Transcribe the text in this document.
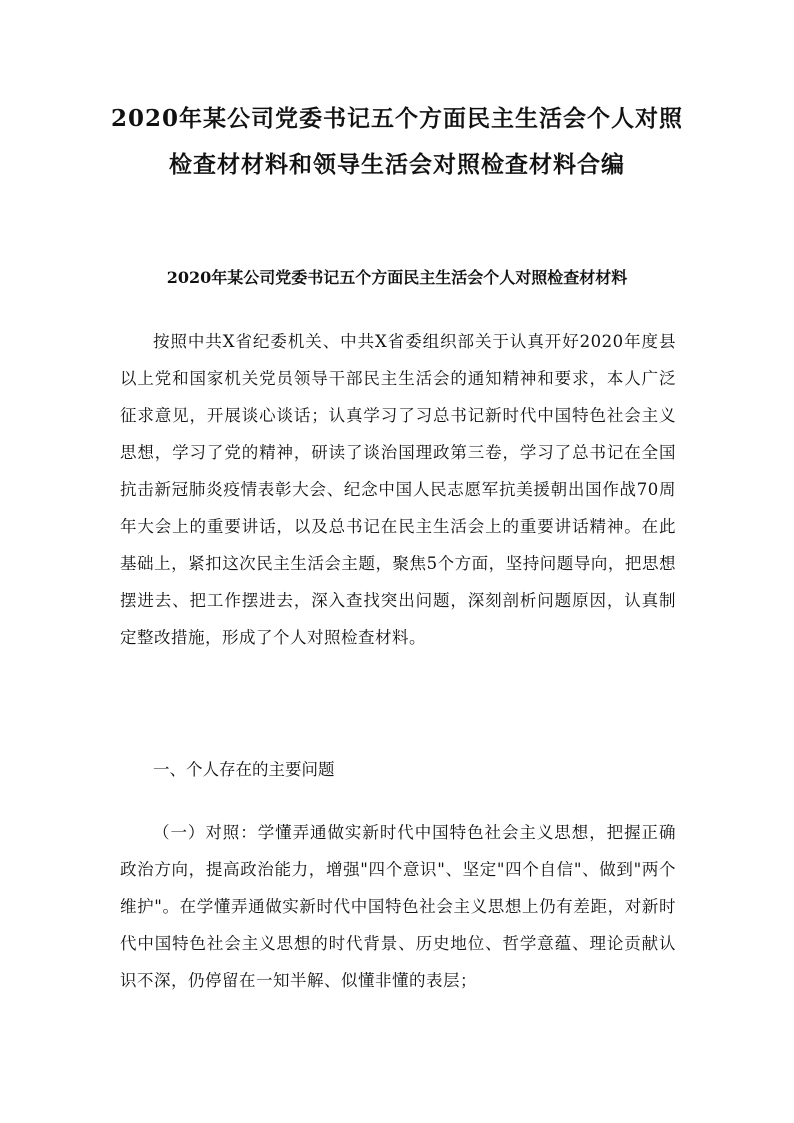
2020年某公司党委书记五个方面民主生活会个人对照检查材材料和领导生活会对照检查材料合编
2020年某公司党委书记五个方面民主生活会个人对照检查材材料

按照中共X省纪委机关、中共X省委组织部关于认真开好2020年度县以上党和国家机关党员领导干部民主生活会的通知精神和要求，本人广泛征求意见，开展谈心谈话；认真学习了习总书记新时代中国特色社会主义思想，学习了党的精神，研读了谈治国理政第三卷，学习了总书记在全国抗击新冠肺炎疫情表彰大会、纪念中国人民志愿军抗美援朝出国作战70周年大会上的重要讲话，以及总书记在民主生活会上的重要讲话精神。在此基础上，紧扣这次民主生活会主题，聚焦5个方面，坚持问题导向，把思想摆进去、把工作摆进去，深入查找突出问题，深刻剖析问题原因，认真制定整改措施，形成了个人对照检查材料。

一、个人存在的主要问题

（一）对照：学懂弄通做实新时代中国特色社会主义思想，把握正确政治方向，提高政治能力，增强"四个意识"、坚定"四个自信"、做到"两个维护"。在学懂弄通做实新时代中国特色社会主义思想上仍有差距，对新时代中国特色社会主义思想的时代背景、历史地位、哲学意蕴、理论贡献认识不深，仍停留在一知半解、似懂非懂的表层；
